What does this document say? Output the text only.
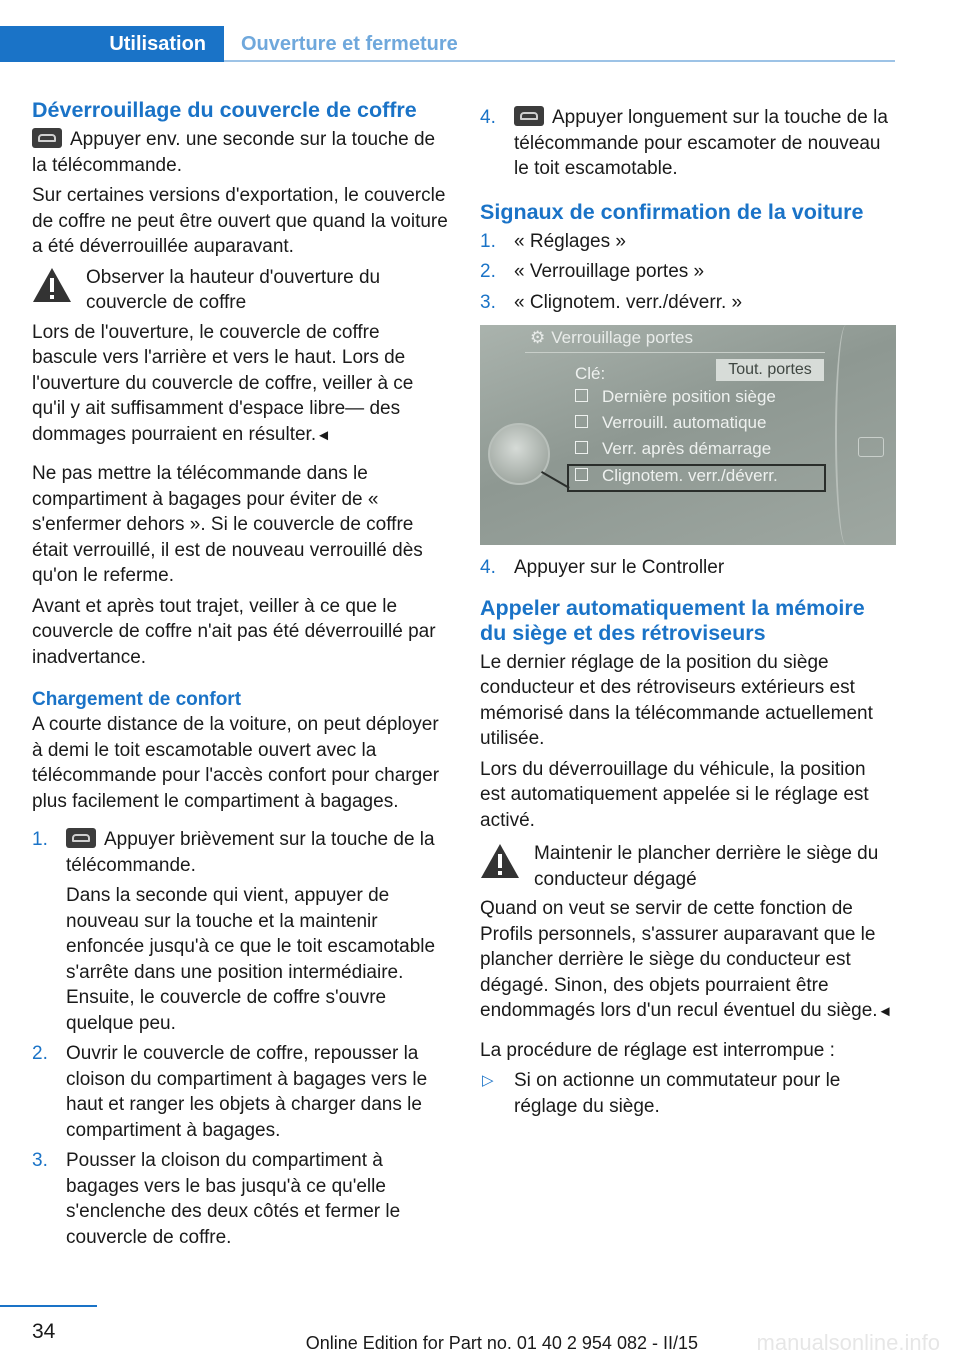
Utilisation	Ouverture et fermeture
Déverrouillage du couvercle de coffre

Appuyer env. une seconde sur la touche de la télécommande.

Sur certaines versions d'exportation, le couvercle de coffre ne peut être ouvert que quand la voiture a été déverrouillée auparavant.

Observer la hauteur d'ouverture du couvercle de coffre

Lors de l'ouverture, le couvercle de coffre bascule vers l'arrière et vers le haut. Lors de l'ouverture du couvercle de coffre, veiller à ce qu'il y ait suffisamment d'espace libre— des dommages pourraient en résulter.◄

Ne pas mettre la télécommande dans le compartiment à bagages pour éviter de « s'enfermer dehors ». Si le couvercle de coffre était verrouillé, il est de nouveau verrouillé dès qu'on le referme.

Avant et après tout trajet, veiller à ce que le couvercle de coffre n'ait pas été déverrouillé par inadvertance.

Chargement de confort

A courte distance de la voiture, on peut déployer à demi le toit escamotable ouvert avec la télécommande pour l'accès confort pour charger plus facilement le compartiment à bagages.

1.	Appuyer brièvement sur la touche de la télécommande.
Dans la seconde qui vient, appuyer de nouveau sur la touche et la maintenir enfoncée jusqu'à ce que le toit escamotable s'arrête dans une position intermédiaire. Ensuite, le couvercle de coffre s'ouvre quelque peu.
2. Ouvrir le couvercle de coffre, repousser la cloison du compartiment à bagages vers le haut et ranger les objets à charger dans le compartiment à bagages.
3. Pousser la cloison du compartiment à bagages vers le bas jusqu'à ce qu'elle s'enclenche des deux côtés et fermer le couvercle de coffre.
4.	Appuyer longuement sur la touche de la télécommande pour escamoter de nouveau le toit escamotable.
Signaux de confirmation de la voiture
1. « Réglages »
2. « Verrouillage portes »
3. « Clignotem. verr./déverr. »
⚙ Verrouillage portes
Clé:	Tout. portes
Dernière position siège
Verrouill. automatique
Verr. après démarrage
Clignotem. verr./déverr.
4. Appuyer sur le Controller
Appeler automatiquement la mémoire du siège et des rétroviseurs

Le dernier réglage de la position du siège conducteur et des rétroviseurs extérieurs est mémorisé dans la télécommande actuellement utilisée.

Lors du déverrouillage du véhicule, la position est automatiquement appelée si le réglage est activé.

Maintenir le plancher derrière le siège du conducteur dégagé

Quand on veut se servir de cette fonction de Profils personnels, s'assurer auparavant que le plancher derrière le siège du conducteur est dégagé. Sinon, des objets pourraient être endommagés lors d'un recul éventuel du siège.◄

La procédure de réglage est interrompue :

▷ Si on actionne un commutateur pour le réglage du siège.
34	Online Edition for Part no. 01 40 2 954 082 - II/15	manualsonline.info
